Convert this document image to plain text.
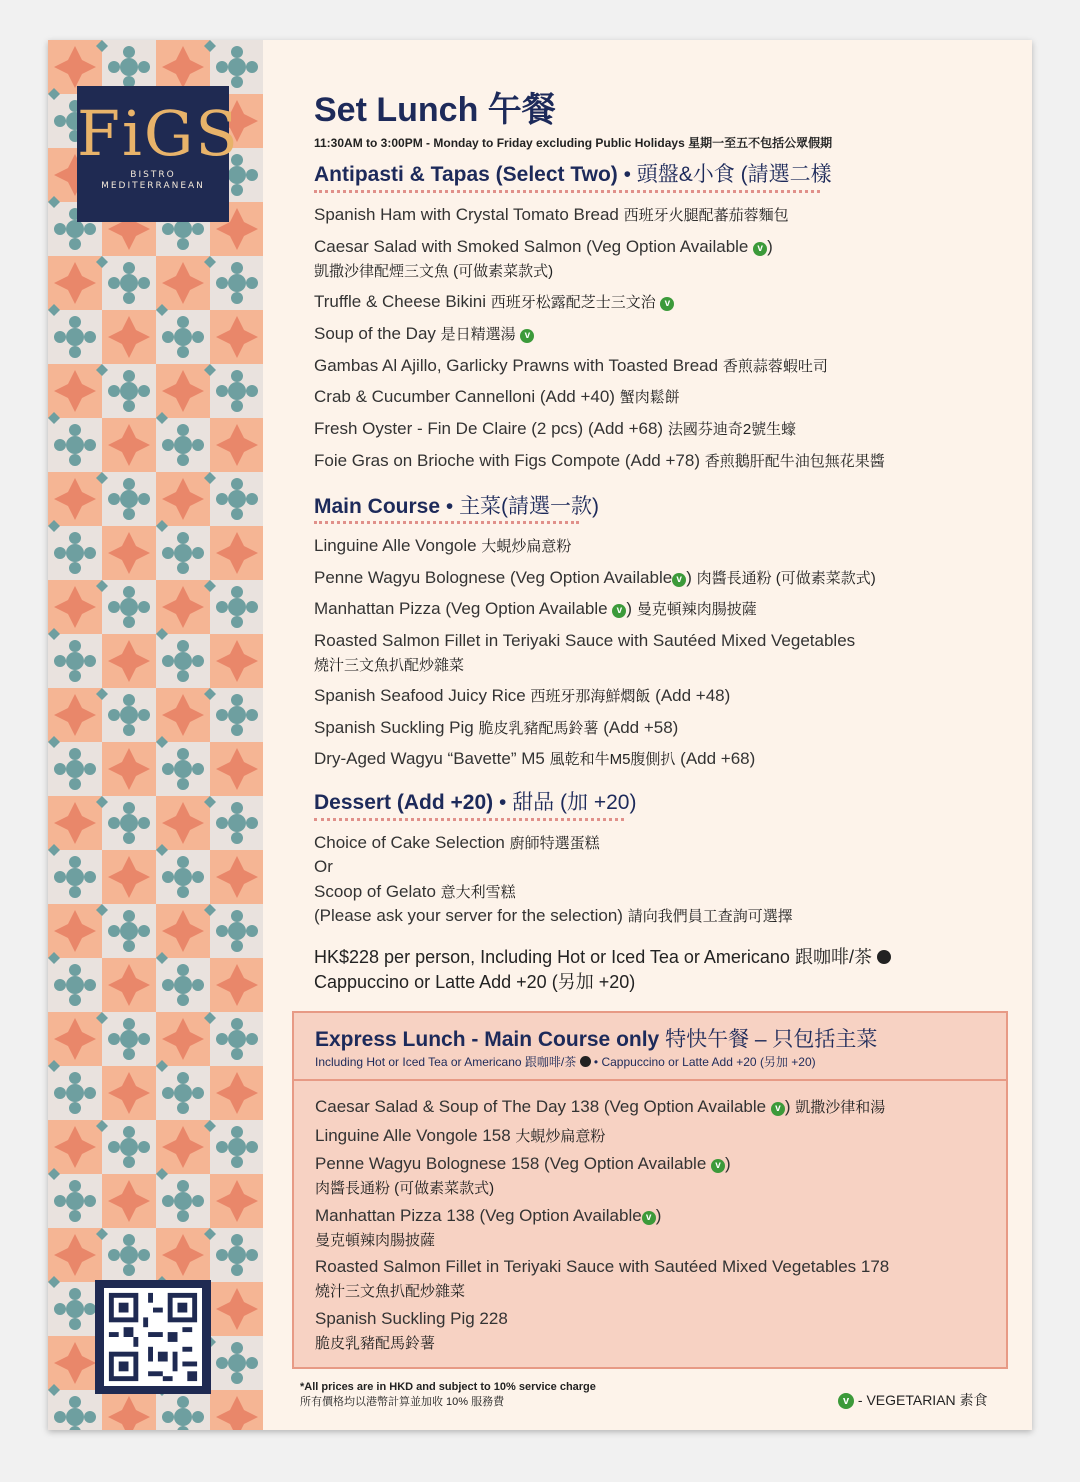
FiGS
BISTRO
MEDITERRANEAN
Set Lunch 午餐
11:30AM to 3:00PM - Monday to Friday excluding Public Holidays 星期一至五不包括公眾假期
Antipasti & Tapas (Select Two) • 頭盤&小食 (請選二樣
Spanish Ham with Crystal Tomato Bread 西班牙火腿配蕃茄蓉麵包
Caesar Salad with Smoked Salmon (Veg Option Available v )
凱撒沙律配煙三文魚 (可做素菜款式)
Truffle & Cheese Bikini 西班牙松露配芝士三文治 v
Soup of the Day 是日精選湯 v
Gambas Al Ajillo, Garlicky Prawns with Toasted Bread 香煎蒜蓉蝦吐司
Crab & Cucumber Cannelloni (Add +40) 蟹肉鬆餅
Fresh Oyster - Fin De Claire (2 pcs) (Add +68) 法國芬迪奇2號生蠔
Foie Gras on Brioche with Figs Compote (Add +78) 香煎鵝肝配牛油包無花果醬
Main Course • 主菜(請選一款)
Linguine Alle Vongole 大蜆炒扁意粉
Penne Wagyu Bolognese (Veg Option Available v ) 肉醬長通粉 (可做素菜款式)
Manhattan Pizza (Veg Option Available v ) 曼克頓辣肉腸披薩
Roasted Salmon Fillet in Teriyaki Sauce with Sautéed Mixed Vegetables
燒汁三文魚扒配炒雜菜
Spanish Seafood Juicy Rice 西班牙那海鮮燜飯 (Add +48)
Spanish Suckling Pig 脆皮乳豬配馬鈴薯 (Add +58)
Dry-Aged Wagyu “Bavette” M5 風乾和牛M5腹側扒 (Add +68)
Dessert (Add +20) • 甜品 (加 +20)
Choice of Cake Selection 廚師特選蛋糕
Or
Scoop of Gelato 意大利雪糕
(Please ask your server for the selection) 請向我們員工查詢可選擇
HK$228 per person, Including Hot or Iced Tea or Americano 跟咖啡/茶
Cappuccino or Latte Add +20 (另加 +20)
Express Lunch - Main Course only 特快午餐 – 只包括主菜
Including Hot or Iced Tea or Americano 跟咖啡/茶  • Cappuccino or Latte Add +20 (另加 +20)
Caesar Salad & Soup of The Day 138 (Veg Option Available v ) 凱撒沙律和湯
Linguine Alle Vongole 158 大蜆炒扁意粉
Penne Wagyu Bolognese 158 (Veg Option Available v )
肉醬長通粉 (可做素菜款式)
Manhattan Pizza 138 (Veg Option Available v )
曼克頓辣肉腸披薩
Roasted Salmon Fillet in Teriyaki Sauce with Sautéed Mixed Vegetables 178
燒汁三文魚扒配炒雜菜
Spanish Suckling Pig 228
脆皮乳豬配馬鈴薯
*All prices are in HKD and subject to 10% service charge
所有價格均以港幣計算並加收 10% 服務費	v - VEGETARIAN 素食
